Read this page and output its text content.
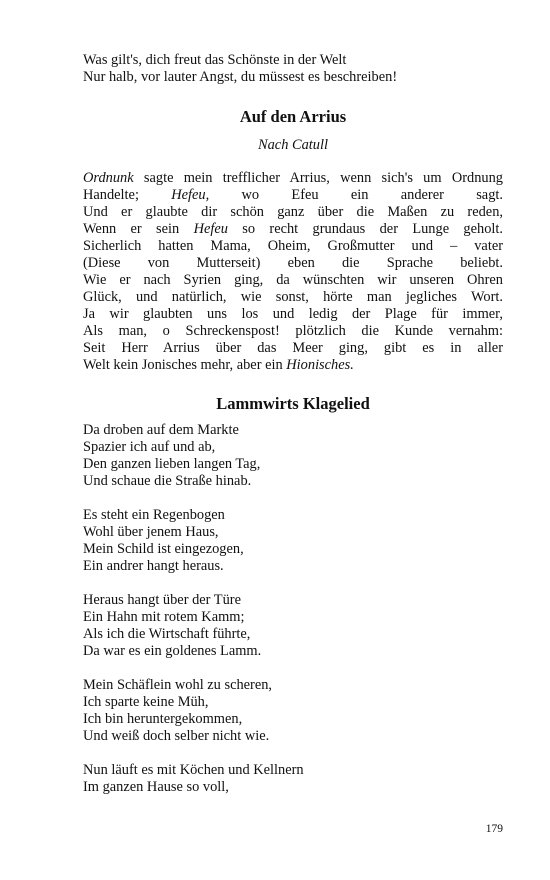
Was gilt's, dich freut das Schönste in der Welt
Nur halb, vor lauter Angst, du müssest es beschreiben!
Auf den Arrius
Nach Catull
Ordnunk sagte mein trefflicher Arrius, wenn sich's um Ordnung
Handelte; Hefeu, wo Efeu ein anderer sagt.
Und er glaubte dir schön ganz über die Maßen zu reden,
Wenn er sein Hefeu so recht grundaus der Lunge geholt.
Sicherlich hatten Mama, Oheim, Großmutter und – vater
(Diese von Mutterseit) eben die Sprache beliebt.
Wie er nach Syrien ging, da wünschten wir unseren Ohren
Glück, und natürlich, wie sonst, hörte man jegliches Wort.
Ja wir glaubten uns los und ledig der Plage für immer,
Als man, o Schreckenspost! plötzlich die Kunde vernahm:
Seit Herr Arrius über das Meer ging, gibt es in aller
Welt kein Jonisches mehr, aber ein Hionisches.
Lammwirts Klagelied
Da droben auf dem Markte
Spazier ich auf und ab,
Den ganzen lieben langen Tag,
Und schaue die Straße hinab.
Es steht ein Regenbogen
Wohl über jenem Haus,
Mein Schild ist eingezogen,
Ein andrer hangt heraus.
Heraus hangt über der Türe
Ein Hahn mit rotem Kamm;
Als ich die Wirtschaft führte,
Da war es ein goldenes Lamm.
Mein Schäflein wohl zu scheren,
Ich sparte keine Müh,
Ich bin heruntergekommen,
Und weiß doch selber nicht wie.
Nun läuft es mit Köchen und Kellnern
Im ganzen Hause so voll,
179
